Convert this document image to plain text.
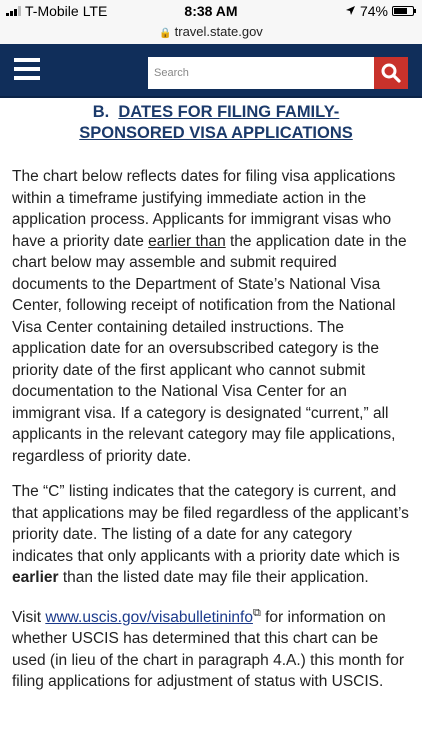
T-Mobile LTE	8:38 AM	74%
🔒 travel.state.gov
Search
B. DATES FOR FILING FAMILY-
SPONSORED VISA APPLICATIONS

The chart below reflects dates for filing visa applications within a timeframe justifying immediate action in the application process. Applicants for immigrant visas who have a priority date earlier than the application date in the chart below may assemble and submit required documents to the Department of State’s National Visa Center, following receipt of notification from the National Visa Center containing detailed instructions. The application date for an oversubscribed category is the priority date of the first applicant who cannot submit documentation to the National Visa Center for an immigrant visa. If a category is designated “current,” all applicants in the relevant category may file applications, regardless of priority date.

The “C” listing indicates that the category is current, and that applications may be filed regardless of the applicant’s priority date. The listing of a date for any category indicates that only applicants with a priority date which is earlier than the listed date may file their application.

Visit www.uscis.gov/visabulletininfo⧉ for information on whether USCIS has determined that this chart can be used (in lieu of the chart in paragraph 4.A.) this month for filing applications for adjustment of status with USCIS.
